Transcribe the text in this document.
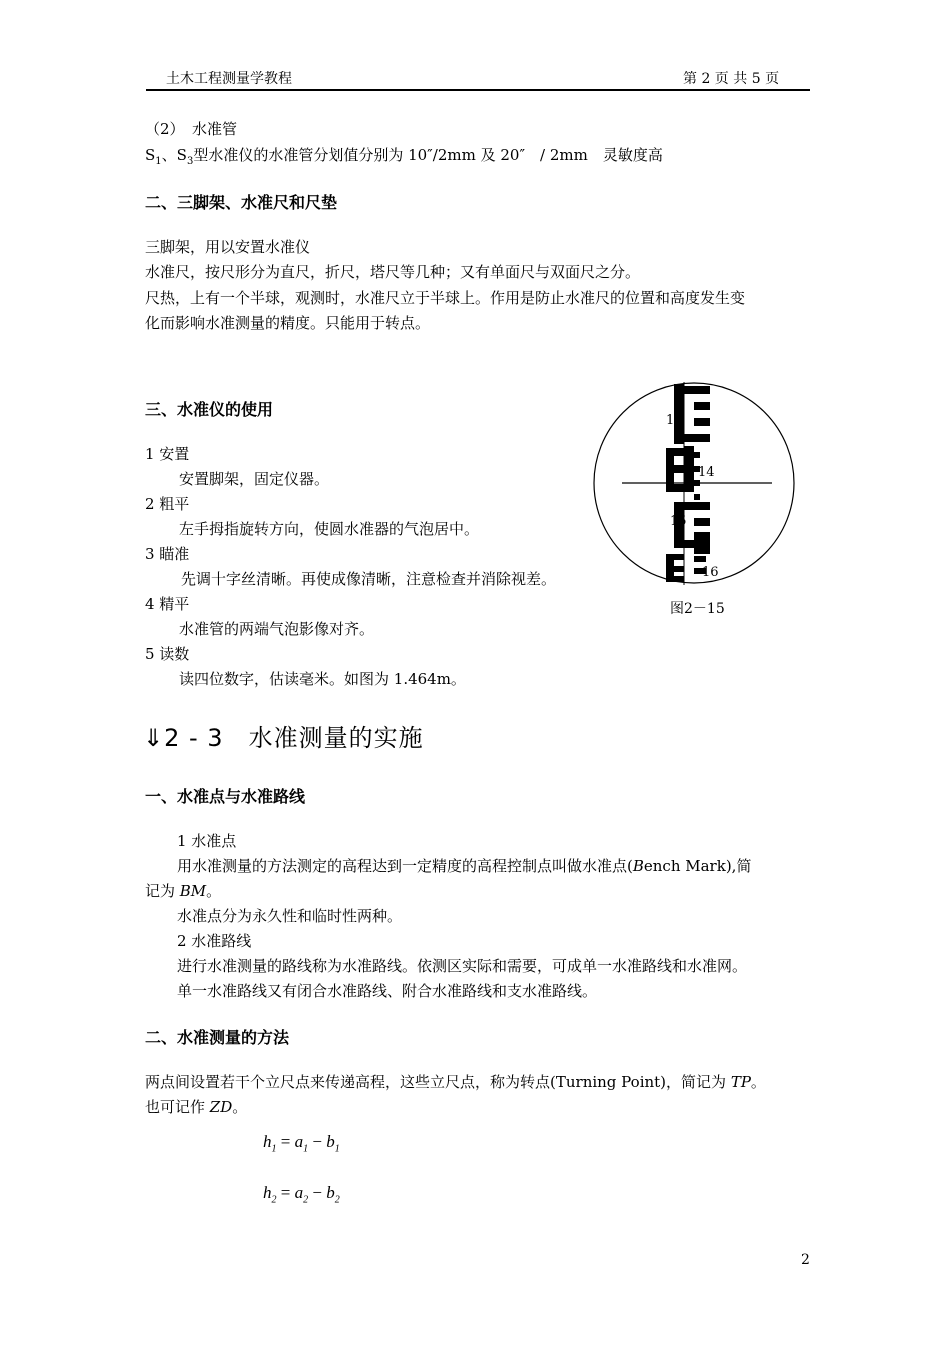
土木工程测量学教程	第 2 页 共 5 页
（2）　水准管
$S_1$、$S_3$型水准仪的水准管分划值分别为 10″/2mm 及 20″　/ 2mm　灵敏度高
二、三脚架、水准尺和尺垫
三脚架，用以安置水准仪
水准尺，按尺形分为直尺，折尺，塔尺等几种；又有单面尺与双面尺之分。
尺热，上有一个半球，观测时，水准尺立于半球上。作用是防止水准尺的位置和高度发生变
化而影响水准测量的精度。只能用于转点。
三、水准仪的使用
1 安置
安置脚架，固定仪器。
2 粗平
左手拇指旋转方向，使圆水准器的气泡居中。
3 瞄准
先调十字丝清晰。再使成像清晰，注意检查并消除视差。
4 精平
水准管的两端气泡影像对齐。
5 读数
读四位数字，估读毫米。如图为 1.464m。
13
14
15
16
图2－15
⇓2 - 3　水准测量的实施
一、水准点与水准路线
1 水准点
用水准测量的方法测定的高程达到一定精度的高程控制点叫做水准点(Bench Mark),简
记为 BM。
水准点分为永久性和临时性两种。
2 水准路线
进行水准测量的路线称为水准路线。依测区实际和需要，可成单一水准路线和水准网。
单一水准路线又有闭合水准路线、附合水准路线和支水准路线。
二、水准测量的方法
两点间设置若干个立尺点来传递高程，这些立尺点，称为转点(Turning Point)，简记为 TP。
也可记作 ZD。
$h_1 = a_1 - b_1$
$h_2 = a_2 - b_2$
2
